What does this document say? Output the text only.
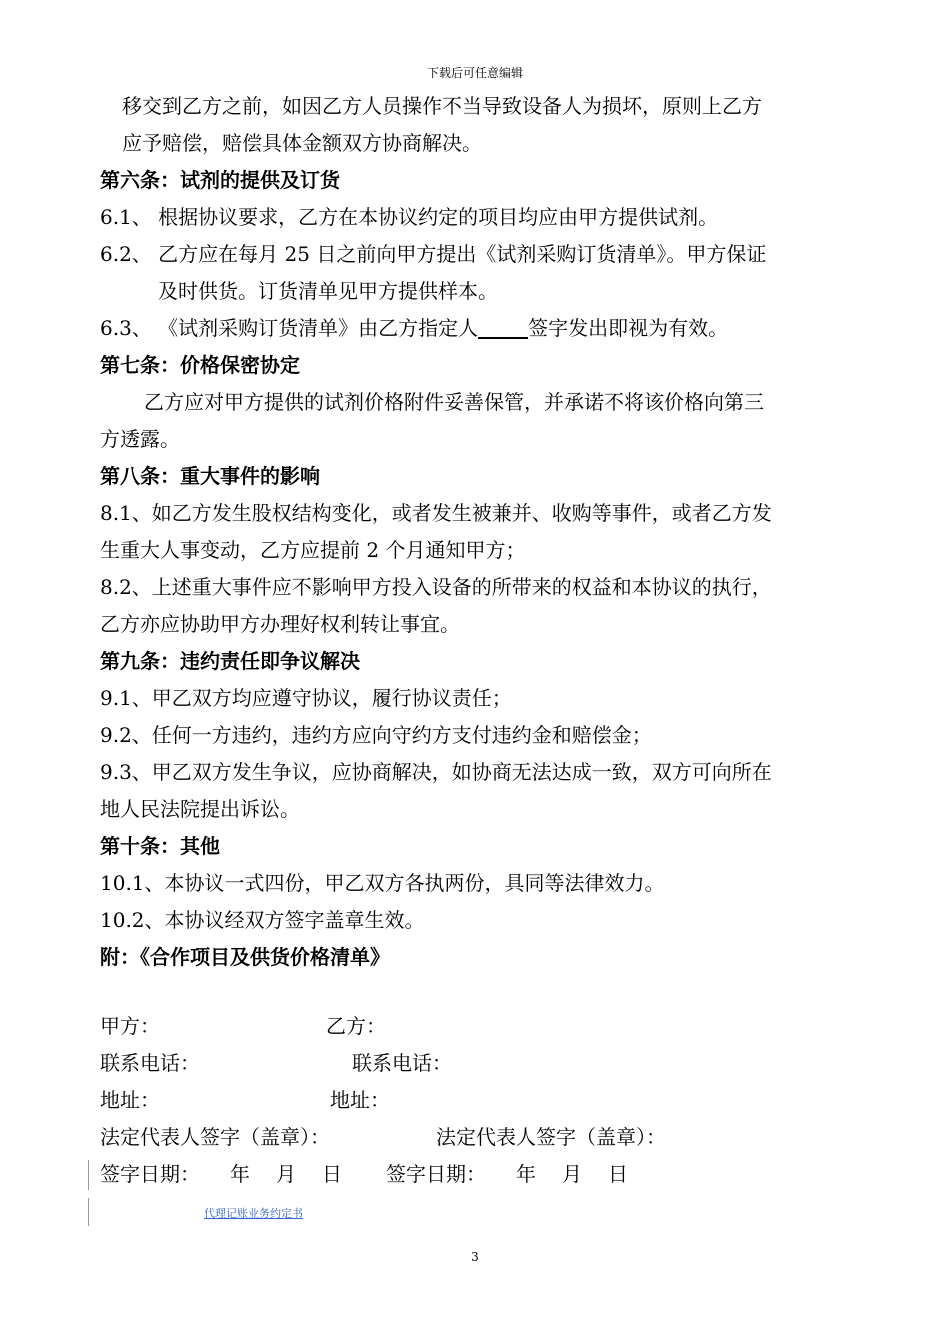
下载后可任意编辑
移交到乙方之前，如因乙方人员操作不当导致设备人为损坏，原则上乙方
应予赔偿，赔偿具体金额双方协商解决。
第六条：试剂的提供及订货
6.1、 根据协议要求，乙方在本协议约定的项目均应由甲方提供试剂。
6.2、 乙方应在每月 25 日之前向甲方提出《试剂采购订货清单》。甲方保证
及时供货。订货清单见甲方提供样本。
6.3、 《试剂采购订货清单》由乙方指定人	签字发出即视为有效。
第七条：价格保密协定
乙方应对甲方提供的试剂价格附件妥善保管，并承诺不将该价格向第三
方透露。
第八条：重大事件的影响
8.1、如乙方发生股权结构变化，或者发生被兼并、收购等事件，或者乙方发
生重大人事变动，乙方应提前 2 个月通知甲方；
8.2、上述重大事件应不影响甲方投入设备的所带来的权益和本协议的执行，
乙方亦应协助甲方办理好权利转让事宜。
第九条：违约责任即争议解决
9.1、甲乙双方均应遵守协议，履行协议责任；
9.2、任何一方违约，违约方应向守约方支付违约金和赔偿金；
9.3、甲乙双方发生争议，应协商解决，如协商无法达成一致，双方可向所在
地人民法院提出诉讼。
第十条：其他
10.1、本协议一式四份，甲乙双方各执两份，具同等法律效力。
10.2、本协议经双方签字盖章生效。
附：《合作项目及供货价格清单》
甲方：	乙方：
联系电话：	联系电话：
地址：	地址：
法定代表人签字（盖章）：	法定代表人签字（盖章）：
签字日期： 年 月 日 签字日期： 年 月 日
代理记账业务约定书
3
